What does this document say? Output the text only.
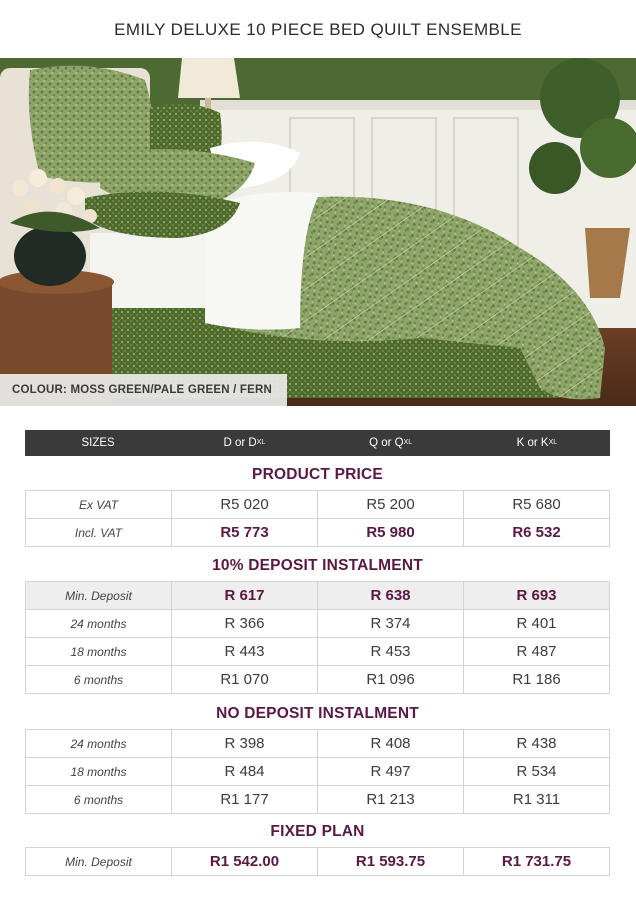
EMILY DELUXE 10 PIECE BED QUILT ENSEMBLE
COLOUR: MOSS GREEN/PALE GREEN / FERN
SIZES	D or $D^{XL}$	Q or $Q^{XL}$	K or $K^{XL}$
PRODUCT PRICE
Ex VAT	R5 020	R5 200	R5 680
Incl. VAT	R5 773	R5 980	R6 532
10% DEPOSIT INSTALMENT
Min. Deposit	R 617	R 638	R 693
24 months	R 366	R 374	R 401
18 months	R 443	R 453	R 487
6 months	R1 070	R1 096	R1 186
NO DEPOSIT INSTALMENT
24 months	R 398	R 408	R 438
18 months	R 484	R 497	R 534
6 months	R1 177	R1 213	R1 311
FIXED PLAN
Min. Deposit	R1 542.00	R1 593.75	R1 731.75
